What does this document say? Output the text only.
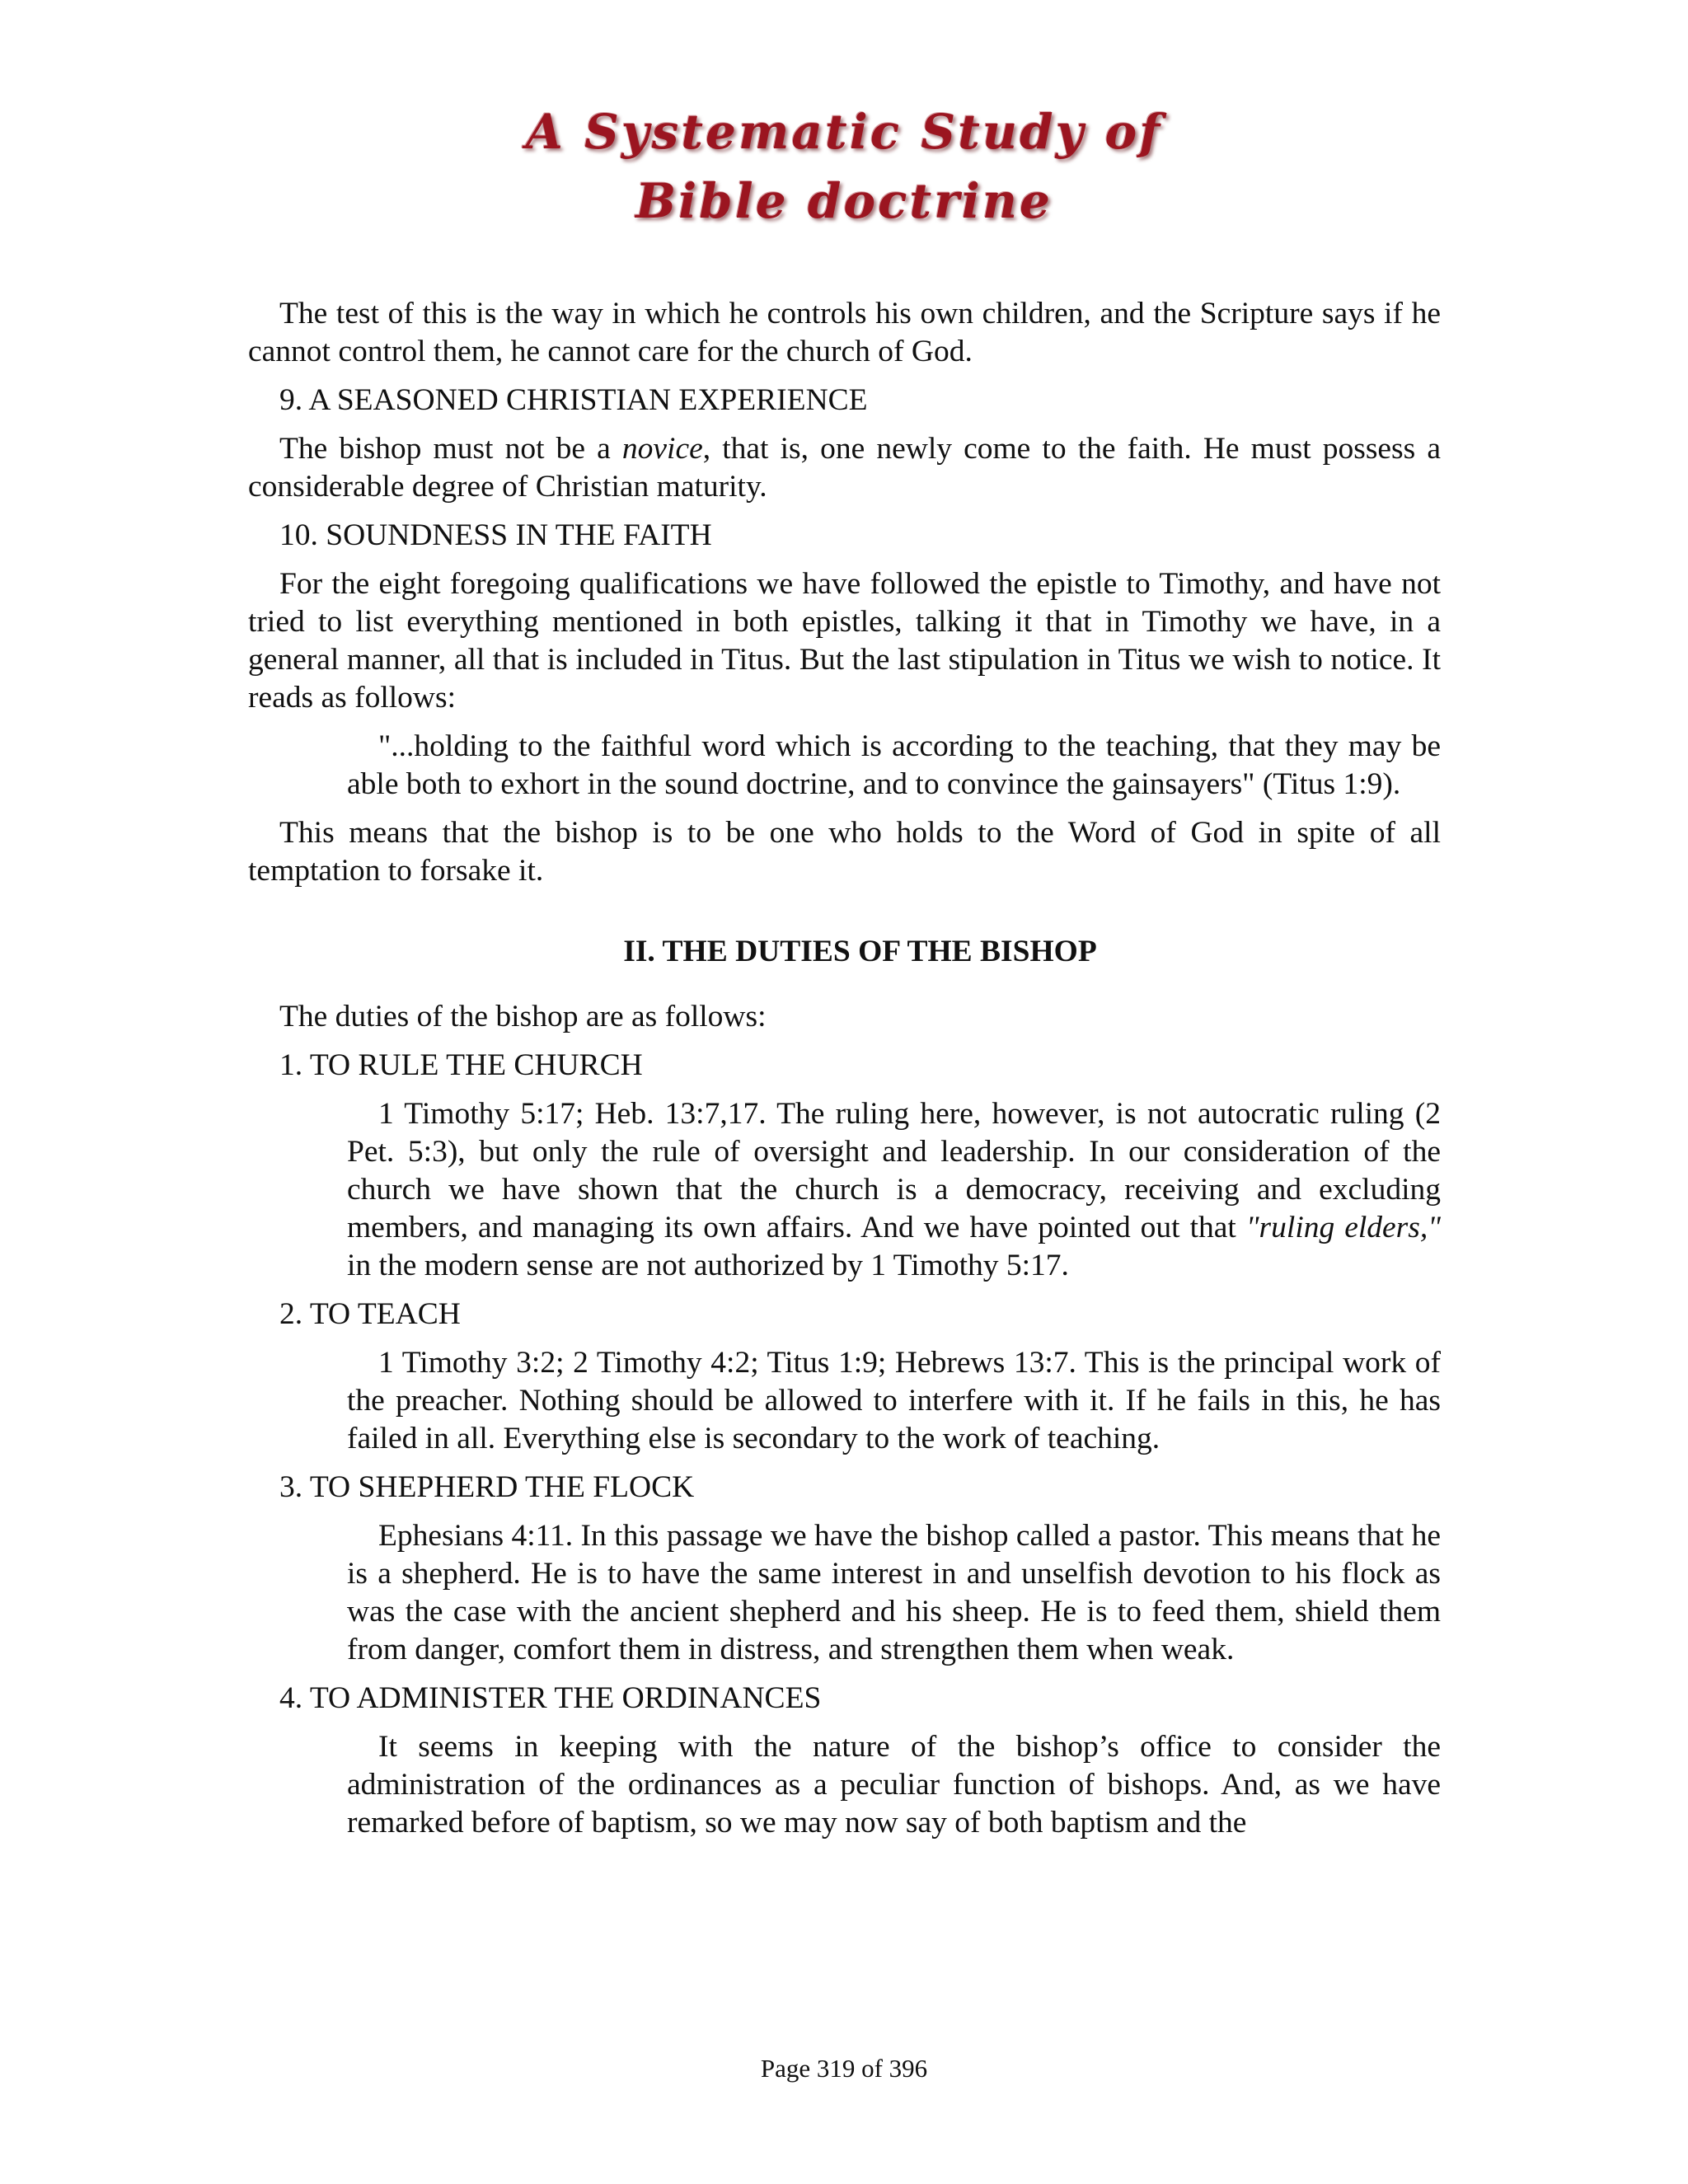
A Systematic Study of
Bible doctrine

The test of this is the way in which he controls his own children, and the Scripture says if he cannot control them, he cannot care for the church of God.

9. A SEASONED CHRISTIAN EXPERIENCE

The bishop must not be a novice, that is, one newly come to the faith. He must possess a considerable degree of Christian maturity.

10. SOUNDNESS IN THE FAITH

For the eight foregoing qualifications we have followed the epistle to Timothy, and have not tried to list everything mentioned in both epistles, talking it that in Timothy we have, in a general manner, all that is included in Titus. But the last stipulation in Titus we wish to notice. It reads as follows:

"...holding to the faithful word which is according to the teaching, that they may be able both to exhort in the sound doctrine, and to convince the gainsayers" (Titus 1:9).

This means that the bishop is to be one who holds to the Word of God in spite of all temptation to forsake it.

II. THE DUTIES OF THE BISHOP

The duties of the bishop are as follows:

1. TO RULE THE CHURCH

1 Timothy 5:17; Heb. 13:7,17. The ruling here, however, is not autocratic ruling (2 Pet. 5:3), but only the rule of oversight and leadership. In our consideration of the church we have shown that the church is a democracy, receiving and excluding members, and managing its own affairs. And we have pointed out that "ruling elders," in the modern sense are not authorized by 1 Timothy 5:17.

2. TO TEACH

1 Timothy 3:2; 2 Timothy 4:2; Titus 1:9; Hebrews 13:7. This is the principal work of the preacher. Nothing should be allowed to interfere with it. If he fails in this, he has failed in all. Everything else is secondary to the work of teaching.

3. TO SHEPHERD THE FLOCK

Ephesians 4:11. In this passage we have the bishop called a pastor. This means that he is a shepherd. He is to have the same interest in and unselfish devotion to his flock as was the case with the ancient shepherd and his sheep. He is to feed them, shield them from danger, comfort them in distress, and strengthen them when weak.

4. TO ADMINISTER THE ORDINANCES

It seems in keeping with the nature of the bishop’s office to consider the administration of the ordinances as a peculiar function of bishops. And, as we have remarked before of baptism, so we may now say of both baptism and the

Page 319 of 396
